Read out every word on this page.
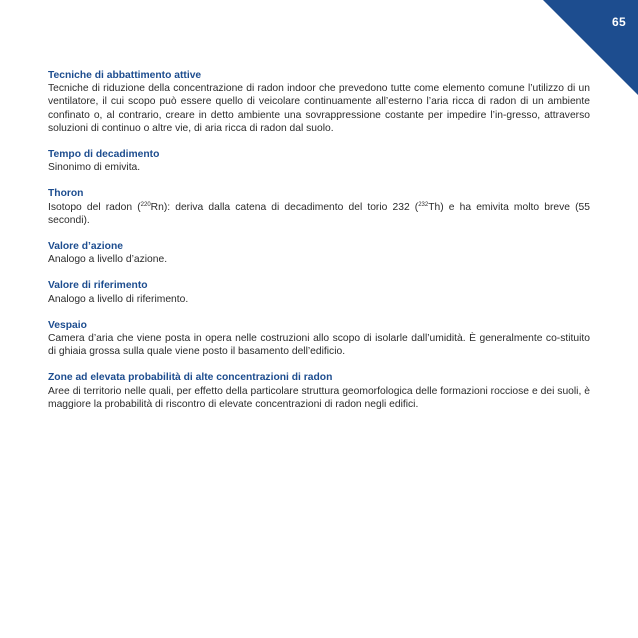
65
Tecniche di abbattimento attive
Tecniche di riduzione della concentrazione di radon indoor che prevedono tutte come elemento comune l’utilizzo di un ventilatore, il cui scopo può essere quello di veicolare continuamente all’esterno l’aria ricca di radon di un ambiente confinato o, al contrario, creare in detto ambiente una sovrappressione costante per impedire l’in-gresso, attraverso soluzioni di continuo o altre vie, di aria ricca di radon dal suolo.
Tempo di decadimento
Sinonimo di emivita.
Thoron
Isotopo del radon ($^{220}$Rn): deriva dalla catena di decadimento del torio 232 ($^{232}$Th) e ha emivita molto breve (55 secondi).
Valore d’azione
Analogo a livello d’azione.
Valore di riferimento
Analogo a livello di riferimento.
Vespaio
Camera d’aria che viene posta in opera nelle costruzioni allo scopo di isolarle dall’umidità. È generalmente co-stituito di ghiaia grossa sulla quale viene posto il basamento dell’edificio.
Zone ad elevata probabilità di alte concentrazioni di radon
Aree di territorio nelle quali, per effetto della particolare struttura geomorfologica delle formazioni rocciose e dei suoli, è maggiore la probabilità di riscontro di elevate concentrazioni di radon negli edifici.
